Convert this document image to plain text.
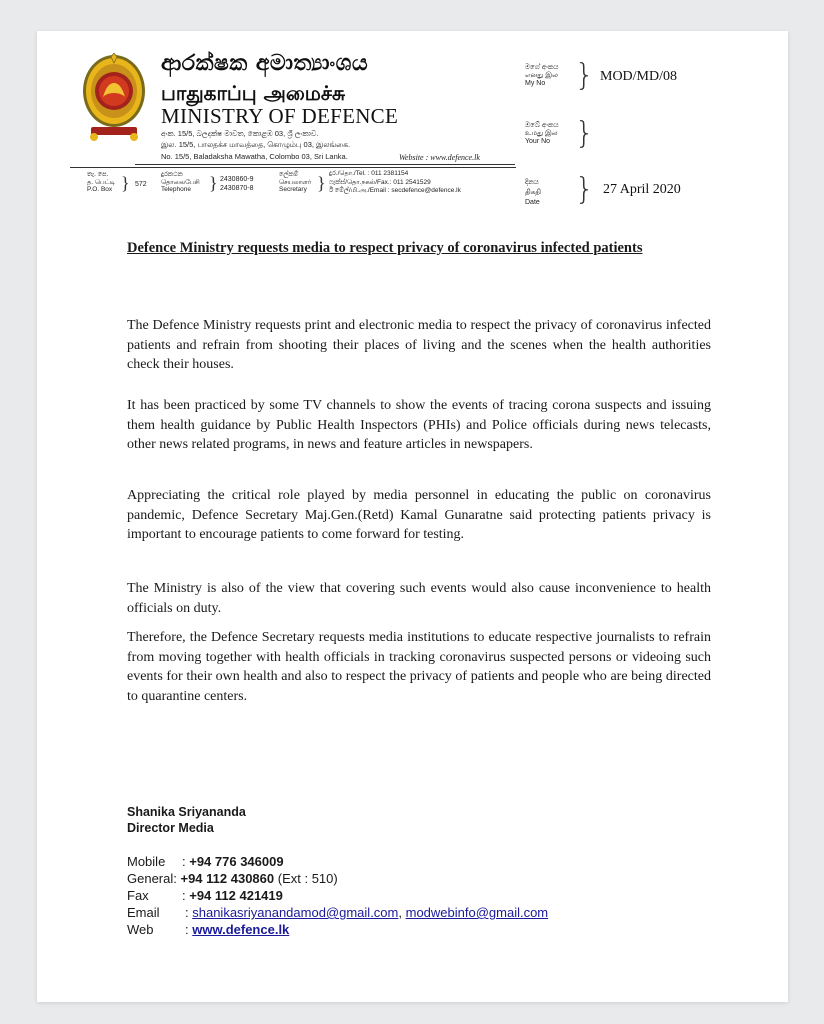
ආරක්ෂක අමාත්‍යාංශය
பாதுகாப்பு அமைச்சு
MINISTRY OF DEFENCE
අංක. 15/5, බලදක්ෂ මාවත, කොළඹ 03, ශ්‍රී ලංකාව.
இல. 15/5, பாலதக்ச மாவத்தை, கொழும்பு 03, இலங்கை.
No. 15/5, Baladaksha Mawatha, Colombo 03, Sri Lanka.	Website : www.defence.lk
මගේ අංකය
எனது இல
My No } MOD/MD/08
ඔබේ අංකය
உமது இல
Your No }
දිනය
திகதி
Date } 27 April 2020
තැ. පෙ.
த. பெட்டி
P.O. Box } 572
දුරකථන
தொலைபேசி
Telephone	} 2430860-9
2430870-8
ලේකම්
செயலாளர்
Secretary } දුර./தொ./Tel. : 011 2381154
ෆැක්ස්/தொ.நகல்/Fax.: 011 2541529
ඊ මේල්/மி.அ./Email : secdefence@defence.lk
Defence Ministry requests media to respect privacy of coronavirus infected patients

The Defence Ministry requests print and electronic media to respect the privacy of coronavirus infected patients and refrain from shooting their places of living and the scenes when the health authorities check their houses.

It has been practiced by some TV channels to show the events of tracing corona suspects and issuing them health guidance by Public Health Inspectors (PHIs) and Police officials during news telecasts, other news related programs, in news and feature articles in newspapers.

Appreciating the critical role played by media personnel in educating the public on coronavirus pandemic, Defence Secretary Maj.Gen.(Retd) Kamal Gunaratne said protecting patients privacy is important to encourage patients to come forward for testing.

The Ministry is also of the view that covering such events would also cause inconvenience to health officials on duty.

Therefore, the Defence Secretary requests media institutions to educate respective journalists to refrain from moving together with health officials in tracking coronavirus suspected persons or videoing such events for their own health and also to respect the privacy of patients and people who are being directed to quarantine centers.

Shanika Sriyananda
Director Media
Mobile : +94 776 346009
General: +94 112 430860 (Ext : 510)
Fax	: +94 112 421419
Email : shanikasriyanandamod@gmail.com, modwebinfo@gmail.com
Web : www.defence.lk
